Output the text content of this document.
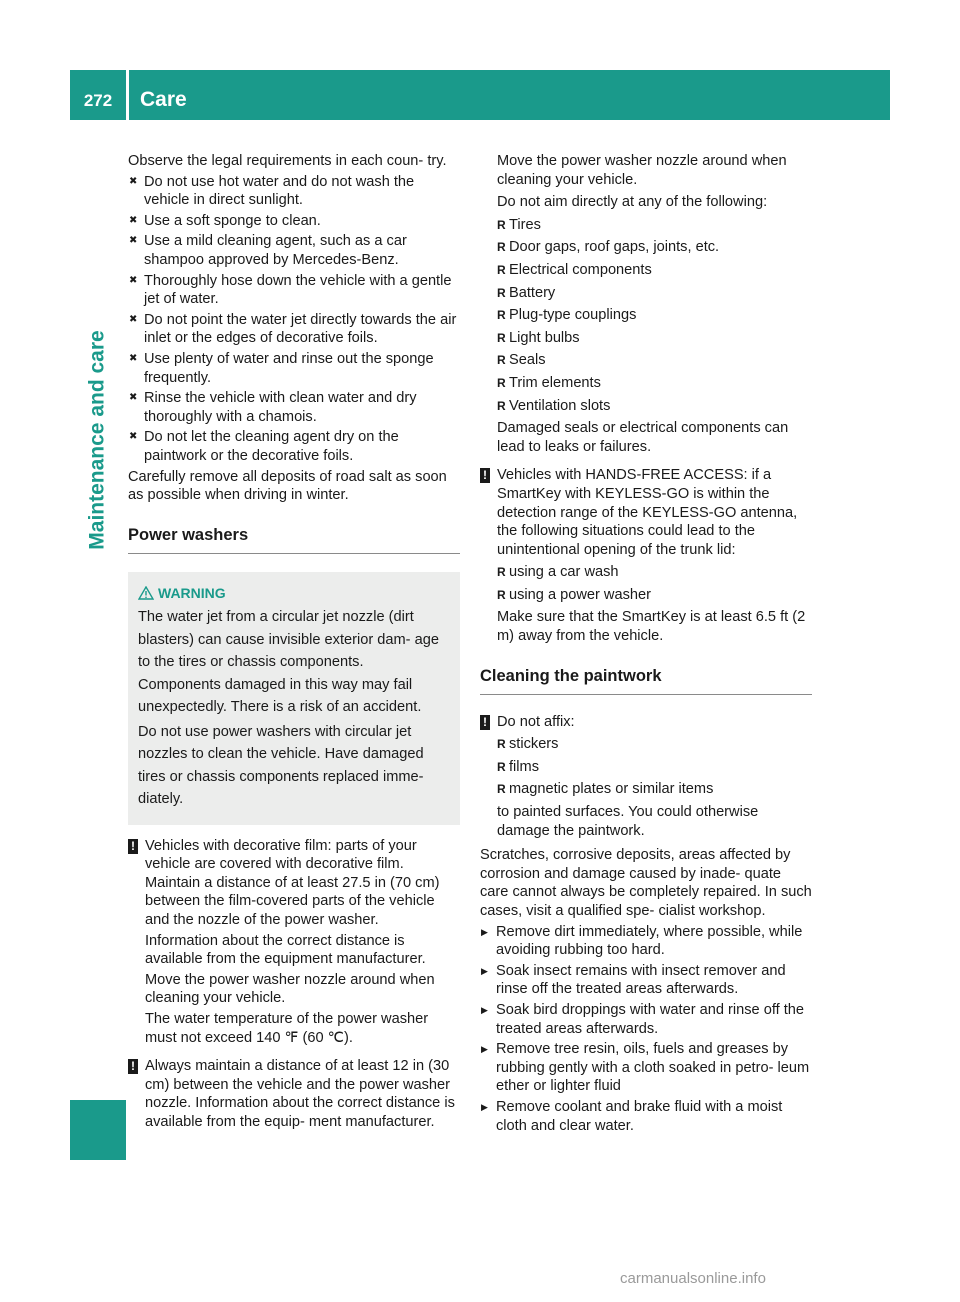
272	Care
Maintenance and care

Observe the legal requirements in each coun- try.

✖ Do not use hot water and do not wash the vehicle in direct sunlight.
✖ Use a soft sponge to clean.
✖ Use a mild cleaning agent, such as a car shampoo approved by Mercedes-Benz.
✖ Thoroughly hose down the vehicle with a gentle jet of water.
✖ Do not point the water jet directly towards the air inlet or the edges of decorative foils.
✖ Use plenty of water and rinse out the sponge frequently.
✖ Rinse the vehicle with clean water and dry thoroughly with a chamois.
✖ Do not let the cleaning agent dry on the paintwork or the decorative foils.

Carefully remove all deposits of road salt as soon as possible when driving in winter.

Power washers
WARNING

The water jet from a circular jet nozzle (dirt blasters) can cause invisible exterior dam- age to the tires or chassis components. Components damaged in this way may fail unexpectedly. There is a risk of an accident.

Do not use power washers with circular jet nozzles to clean the vehicle. Have damaged tires or chassis components replaced imme- diately.

! Vehicles with decorative film: parts of your vehicle are covered with decorative film. Maintain a distance of at least 27.5 in (70 cm) between the film-covered parts of the vehicle and the nozzle of the power washer.

Information about the correct distance is available from the equipment manufacturer.

Move the power washer nozzle around when cleaning your vehicle.

The water temperature of the power washer must not exceed 140 ℉ (60 ℃).

! Always maintain a distance of at least 12 in (30 cm) between the vehicle and the power washer nozzle. Information about the correct distance is available from the equip- ment manufacturer.

Move the power washer nozzle around when cleaning your vehicle.

Do not aim directly at any of the following:

R Tires
R Door gaps, roof gaps, joints, etc.
R Electrical components
R Battery
R Plug-type couplings
R Light bulbs
R Seals
R Trim elements
R Ventilation slots

Damaged seals or electrical components can lead to leaks or failures.

! Vehicles with HANDS-FREE ACCESS: if a SmartKey with KEYLESS-GO is within the detection range of the KEYLESS-GO antenna, the following situations could lead to the unintentional opening of the trunk lid:

R using a car wash
R using a power washer

Make sure that the SmartKey is at least 6.5 ft (2 m) away from the vehicle.

Cleaning the paintwork
! Do not affix:

R stickers
R films
R magnetic plates or similar items

to painted surfaces. You could otherwise damage the paintwork.

Scratches, corrosive deposits, areas affected by corrosion and damage caused by inade- quate care cannot always be completely repaired. In such cases, visit a qualified spe- cialist workshop.

▶ Remove dirt immediately, where possible, while avoiding rubbing too hard.
▶ Soak insect remains with insect remover and rinse off the treated areas afterwards.
▶ Soak bird droppings with water and rinse off the treated areas afterwards.
▶ Remove tree resin, oils, fuels and greases by rubbing gently with a cloth soaked in petro- leum ether or lighter fluid
▶ Remove coolant and brake fluid with a moist cloth and clear water.
carmanualsonline.info
